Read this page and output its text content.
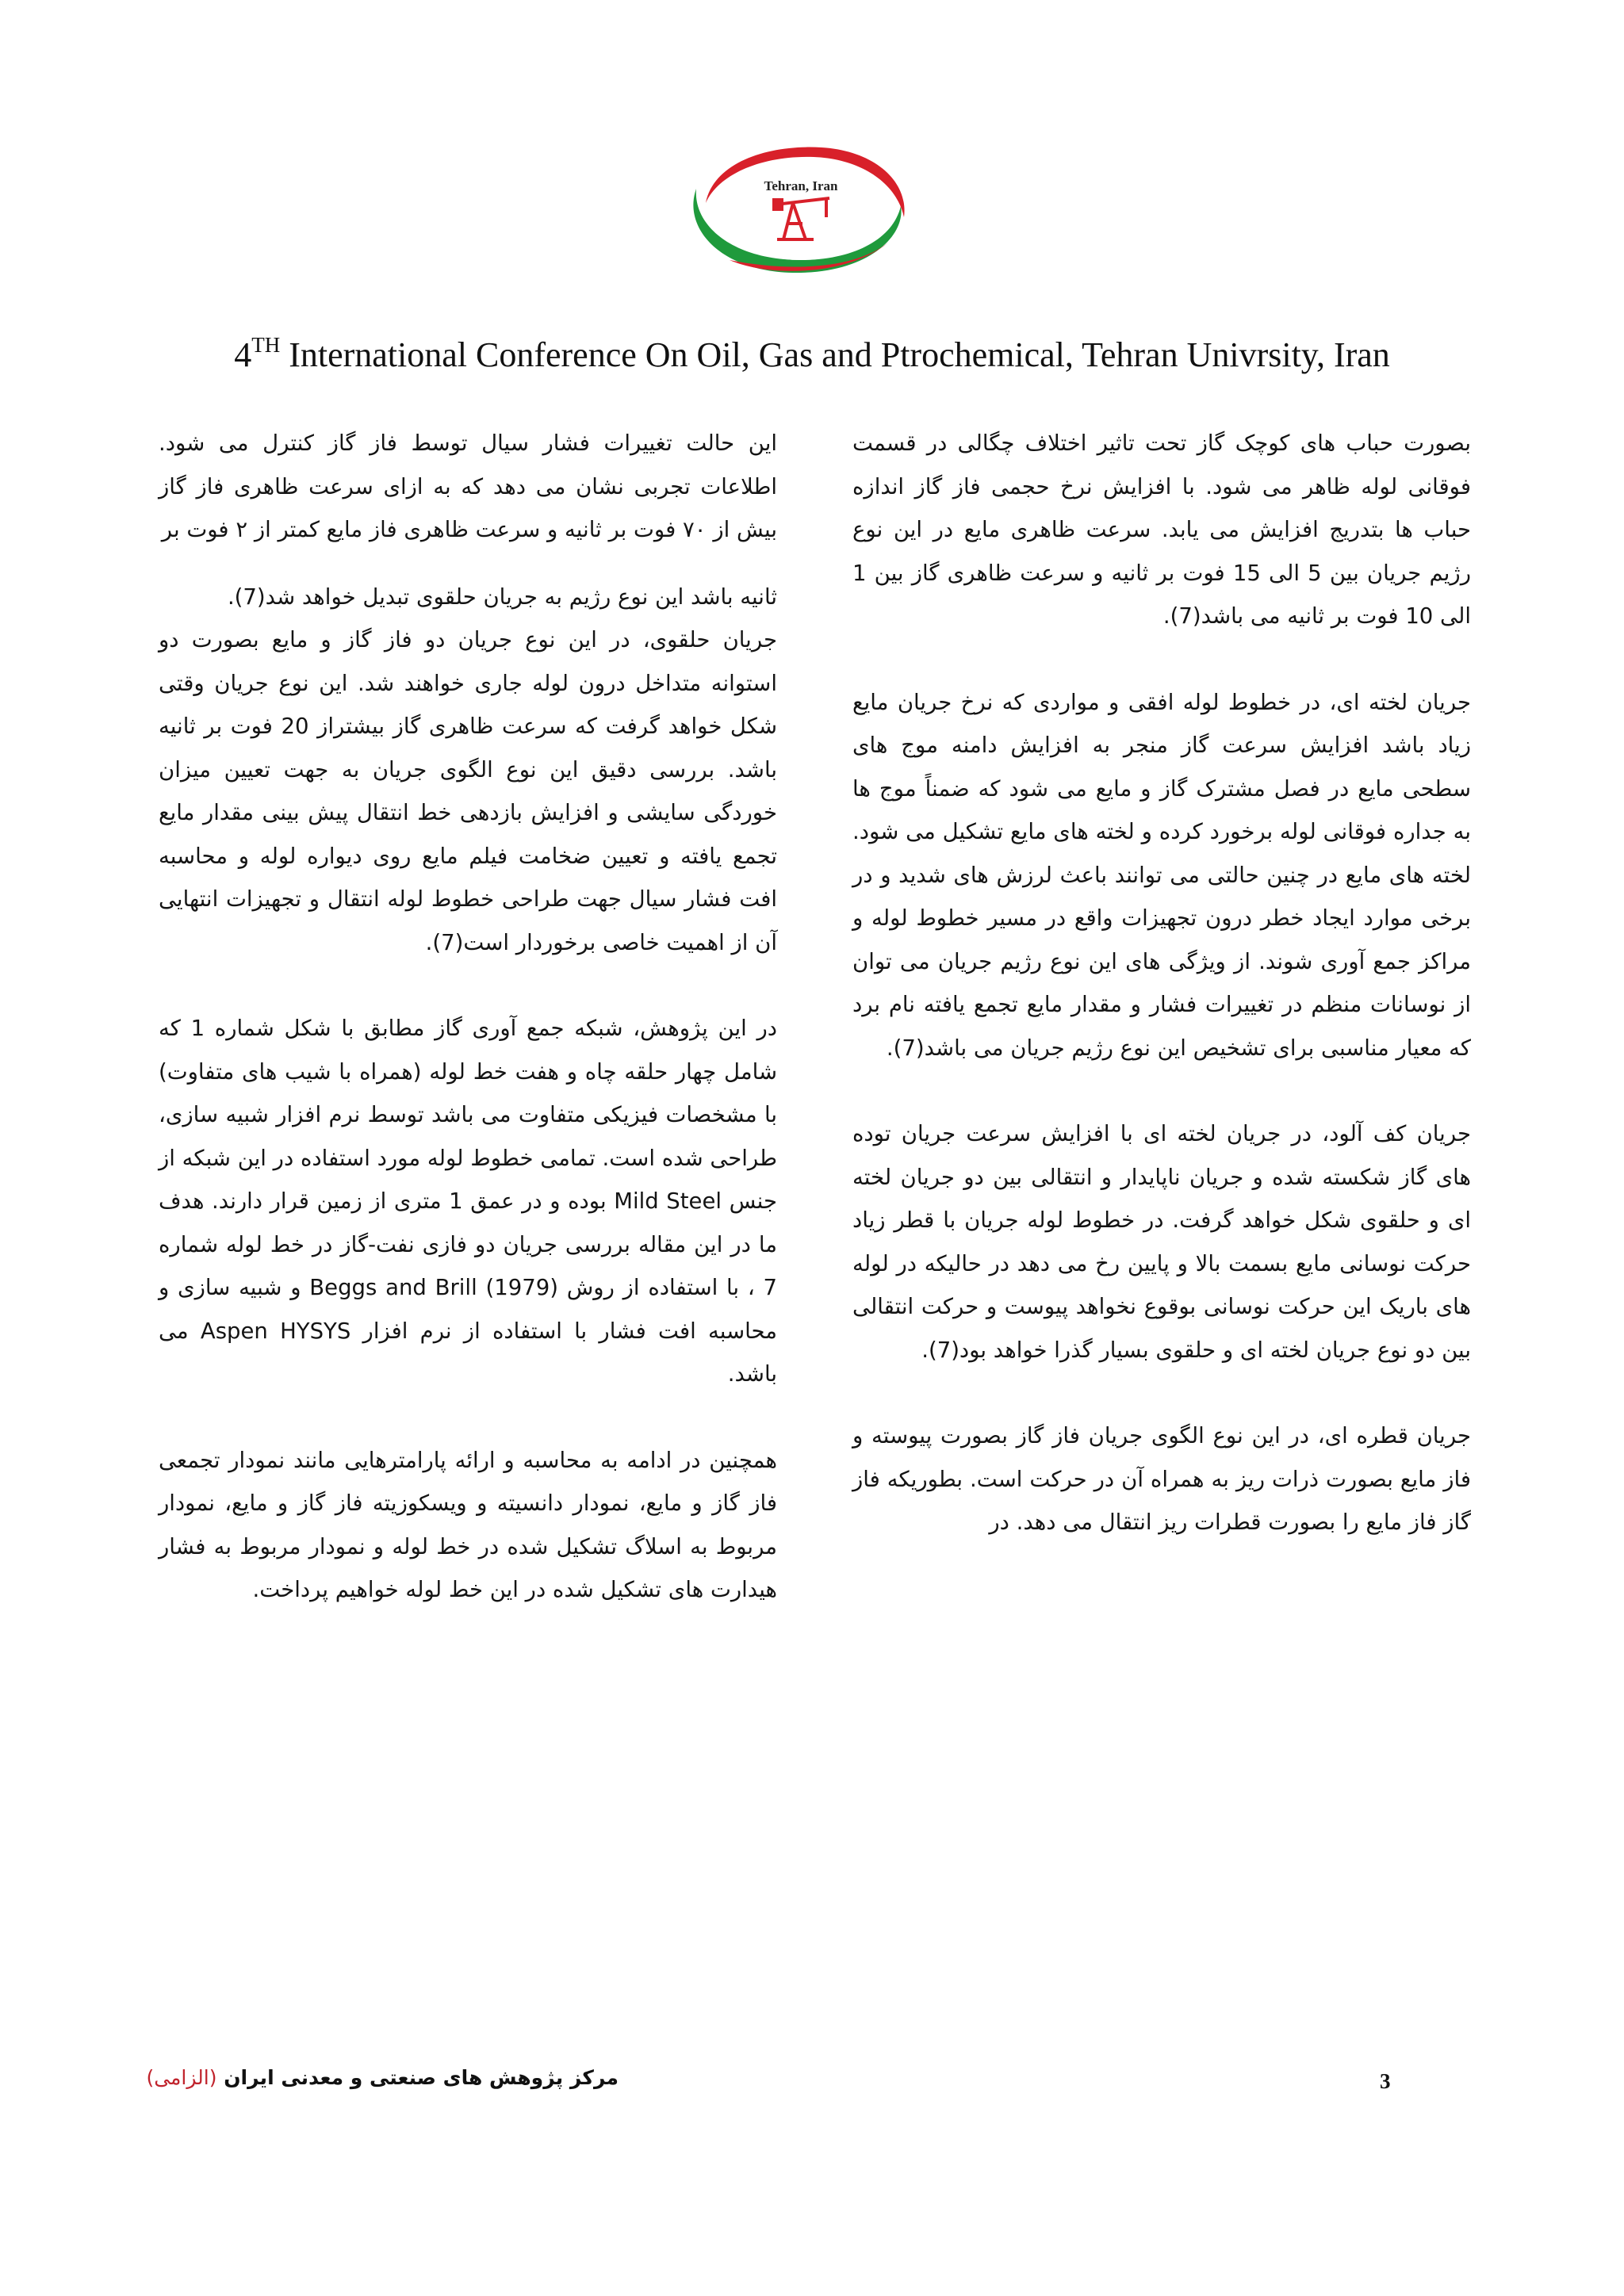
Tehran, Iran
4TH International Conference On Oil, Gas and Ptrochemical, Tehran Univrsity, Iran

بصورت حباب های کوچک گاز تحت تاثیر اختلاف چگالی در قسمت فوقانی لوله ظاهر می شود. با افزایش نرخ حجمی فاز گاز اندازه حباب ها بتدریج افزایش می یابد. سرعت ظاهری مایع در این نوع رژیم جریان بین 5 الی 15 فوت بر ثانیه و سرعت ظاهری گاز بین 1 الی 10 فوت بر ثانیه می باشد(7).

جریان لخته ای، در خطوط لوله افقی و مواردی که نرخ جریان مایع زیاد باشد افزایش سرعت گاز منجر به افزایش دامنه موج های سطحی مایع در فصل مشترک گاز و مایع می شود که ضمناً موج ها به جداره فوقانی لوله برخورد کرده و لخته های مایع تشکیل می شود. لخته های مایع در چنین حالتی می توانند باعث لرزش های شدید و در برخی موارد ایجاد خطر درون تجهیزات واقع در مسیر خطوط لوله و مراکز جمع آوری شوند. از ویژگی های این نوع رژیم جریان می توان از نوسانات منظم در تغییرات فشار و مقدار مایع تجمع یافته نام برد که معیار مناسبی برای تشخیص این نوع رژیم جریان می باشد(7).

جریان کف آلود، در جریان لخته ای با افزایش سرعت جریان توده های گاز شکسته شده و جریان ناپایدار و انتقالی بین دو جریان لخته ای و حلقوی شکل خواهد گرفت. در خطوط لوله جریان با قطر زیاد حرکت نوسانی مایع بسمت بالا و پایین رخ می دهد در حالیکه در لوله های باریک این حرکت نوسانی بوقوع نخواهد پیوست و حرکت انتقالی بین دو نوع جریان لخته ای و حلقوی بسیار گذرا خواهد بود(7).

جریان قطره ای، در این نوع الگوی جریان فاز گاز بصورت پیوسته و فاز مایع بصورت ذرات ریز به همراه آن در حرکت است. بطوریکه فاز گاز فاز مایع را بصورت قطرات ریز انتقال می دهد. در

این حالت تغییرات فشار سیال توسط فاز گاز کنترل می شود. اطلاعات تجربی نشان می دهد که به ازای سرعت ظاهری فاز گاز بیش از ۷۰ فوت بر ثانیه و سرعت ظاهری فاز مایع کمتر از ۲ فوت بر

ثانیه باشد این نوع رژیم به جریان حلقوی تبدیل خواهد شد(7).

جریان حلقوی، در این نوع جریان دو فاز گاز و مایع بصورت دو استوانه متداخل درون لوله جاری خواهند شد. این نوع جریان وقتی شکل خواهد گرفت که سرعت ظاهری گاز بیشتراز 20 فوت بر ثانیه باشد. بررسی دقیق این نوع الگوی جریان به جهت تعیین میزان خوردگی سایشی و افزایش بازدهی خط انتقال پیش بینی مقدار مایع تجمع یافته و تعیین ضخامت فیلم مایع روی دیواره لوله و محاسبه افت فشار سیال جهت طراحی خطوط لوله انتقال و تجهیزات انتهایی آن از اهمیت خاصی برخوردار است(7).

در این پژوهش، شبکه جمع آوری گاز مطابق با شکل شماره 1 که شامل چهار حلقه چاه و هفت خط لوله (همراه با شیب های متفاوت) با مشخصات فیزیکی متفاوت می باشد توسط نرم افزار شبیه سازی، طراحی شده است. تمامی خطوط لوله مورد استفاده در این شبکه از جنس Mild Steel بوده و در عمق 1 متری از زمین قرار دارند. هدف ما در این مقاله بررسی جریان دو فازی نفت-گاز در خط لوله شماره 7 ، با استفاده از روش Beggs and Brill (1979) و شبیه سازی و محاسبه افت فشار با استفاده از نرم افزار Aspen HYSYS می باشد.

همچنین در ادامه به محاسبه و ارائه پارامترهایی مانند نمودار تجمعی فاز گاز و مایع، نمودار دانسیته و ویسکوزیته فاز گاز و مایع، نمودار مربوط به اسلاگ تشکیل شده در خط لوله و نمودار مربوط به فشار هیدارت های تشکیل شده در این خط لوله خواهیم پرداخت.

3
مرکز پژوهش های صنعتی و معدنی ایران (الزامی)
